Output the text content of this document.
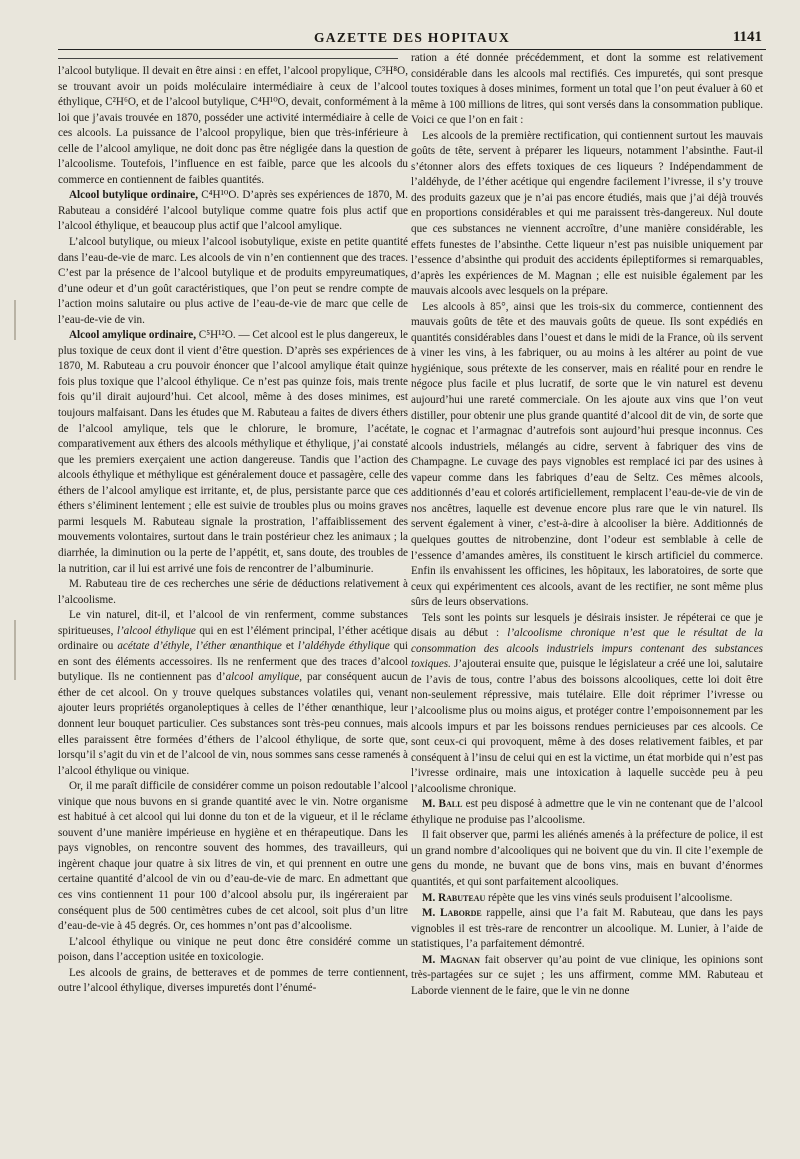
GAZETTE DES HOPITAUX	1141

l’alcool butylique. Il devait en être ainsi : en effet, l’alcool propylique, C³H⁸O, se trouvant avoir un poids moléculaire intermédiaire à ceux de l’alcool éthylique, C²H⁶O, et de l’alcool butylique, C⁴H¹⁰O, devait, conformément à la loi que j’avais trouvée en 1870, posséder une activité intermédiaire à celle de ces alcools. La puissance de l’alcool propylique, bien que très-inférieure à celle de l’alcool amylique, ne doit donc pas être négligée dans la question de l’alcoolisme. Toutefois, l’influence en est faible, parce que les alcools du commerce en contiennent de faibles quantités.

Alcool butylique ordinaire, C⁴H¹⁰O. D’après ses expériences de 1870, M. Rabuteau a considéré l’alcool butylique comme quatre fois plus actif que l’alcool éthylique, et beaucoup plus actif que l’alcool amylique.

L’alcool butylique, ou mieux l’alcool isobutylique, existe en petite quantité dans l’eau-de-vie de marc. Les alcools de vin n’en contiennent que des traces. C’est par la présence de l’alcool butylique et de produits empyreumatiques, d’une odeur et d’un goût caractéristiques, que l’on peut se rendre compte de l’action moins salutaire ou plus active de l’eau-de-vie de marc que celle de l’eau-de-vie de vin.

Alcool amylique ordinaire, C⁵H¹²O. — Cet alcool est le plus dangereux, le plus toxique de ceux dont il vient d’être question. D’après ses expériences de 1870, M. Rabuteau a cru pouvoir énoncer que l’alcool amylique était quinze fois plus toxique que l’alcool éthylique. Ce n’est pas quinze fois, mais trente fois qu’il dirait aujourd’hui. Cet alcool, même à des doses minimes, est toujours malfaisant. Dans les études que M. Rabuteau a faites de divers éthers de l’alcool amylique, tels que le chlorure, le bromure, l’acétate, comparativement aux éthers des alcools méthylique et éthylique, j’ai constaté que les premiers exerçaient une action dangereuse. Tandis que l’action des alcools éthylique et méthylique est généralement douce et passagère, celle des éthers de l’alcool amylique est irritante, et, de plus, persistante parce que ces éthers s’éliminent lentement ; elle est suivie de troubles plus ou moins graves parmi lesquels M. Rabuteau signale la prostration, l’affaiblissement des mouvements volontaires, surtout dans le train postérieur chez les animaux ; la diarrhée, la diminution ou la perte de l’appétit, et, sans doute, des troubles de la nutrition, car il lui est arrivé une fois de rencontrer de l’albuminurie.

M. Rabuteau tire de ces recherches une série de déductions relativement à l’alcoolisme.

Le vin naturel, dit-il, et l’alcool de vin renferment, comme substances spiritueuses, l’alcool éthylique qui en est l’élément principal, l’éther acétique ordinaire ou acétate d’éthyle, l’éther œnanthique et l’aldéhyde éthylique qui en sont des éléments accessoires. Ils ne renferment que des traces d’alcool butylique. Ils ne contiennent pas d’alcool amylique, par conséquent aucun éther de cet alcool. On y trouve quelques substances volatiles qui, venant ajouter leurs propriétés organoleptiques à celles de l’éther œnanthique, leur donnent leur bouquet particulier. Ces substances sont très-peu connues, mais elles paraissent être formées d’éthers de l’alcool éthylique, de sorte que, lorsqu’il s’agit du vin et de l’alcool de vin, nous sommes sans cesse ramenés à l’alcool éthylique ou vinique.

Or, il me paraît difficile de considérer comme un poison redoutable l’alcool vinique que nous buvons en si grande quantité avec le vin. Notre organisme est habitué à cet alcool qui lui donne du ton et de la vigueur, et il le réclame souvent d’une manière impérieuse en hygiène et en thérapeutique. Dans les pays vignobles, on rencontre souvent des hommes, des travailleurs, qui ingèrent chaque jour quatre à six litres de vin, et qui prennent en outre une certaine quantité d’alcool de vin ou d’eau-de-vie de marc. En admettant que ces vins contiennent 11 pour 100 d’alcool absolu pur, ils ingéreraient par conséquent plus de 500 centimètres cubes de cet alcool, soit plus d’un litre d’eau-de-vie à 45 degrés. Or, ces hommes n’ont pas d’alcoolisme.

L’alcool éthylique ou vinique ne peut donc être considéré comme un poison, dans l’acception usitée en toxicologie.

Les alcools de grains, de betteraves et de pommes de terre contiennent, outre l’alcool éthylique, diverses impuretés dont l’énumé-

ration a été donnée précédemment, et dont la somme est relativement considérable dans les alcools mal rectifiés. Ces impuretés, qui sont presque toutes toxiques à doses minimes, forment un total que l’on peut évaluer à 60 et même à 100 millions de litres, qui sont versés dans la consommation publique. Voici ce que l’on en fait :

Les alcools de la première rectification, qui contiennent surtout les mauvais goûts de tête, servent à préparer les liqueurs, notamment l’absinthe. Faut-il s’étonner alors des effets toxiques de ces liqueurs ? Indépendamment de l’aldéhyde, de l’éther acétique qui engendre facilement l’ivresse, il s’y trouve des produits gazeux que je n’ai pas encore étudiés, mais que j’ai déjà trouvés en proportions considérables et qui me paraissent très-dangereux. Nul doute que ces substances ne viennent accroître, d’une manière considérable, les effets funestes de l’absinthe. Cette liqueur n’est pas nuisible uniquement par l’essence d’absinthe qui produit des accidents épileptiformes si remarquables, d’après les expériences de M. Magnan ; elle est nuisible également par les mauvais alcools avec lesquels on la prépare.

Les alcools à 85°, ainsi que les trois-six du commerce, contiennent des mauvais goûts de tête et des mauvais goûts de queue. Ils sont expédiés en quantités considérables dans l’ouest et dans le midi de la France, où ils servent à viner les vins, à les fabriquer, ou au moins à les altérer au point de vue hygiénique, sous prétexte de les conserver, mais en réalité pour en rendre le négoce plus facile et plus lucratif, de sorte que le vin naturel est devenu aujourd’hui une rareté commerciale. On les ajoute aux vins que l’on veut distiller, pour obtenir une plus grande quantité d’alcool dit de vin, de sorte que le cognac et l’armagnac d’autrefois sont aujourd’hui presque inconnus. Ces alcools industriels, mélangés au cidre, servent à fabriquer des vins de Champagne. Le cuvage des pays vignobles est remplacé ici par des usines à vapeur comme dans les fabriques d’eau de Seltz. Ces mêmes alcools, additionnés d’eau et colorés artificiellement, remplacent l’eau-de-vie de vin de nos ancêtres, laquelle est devenue encore plus rare que le vin naturel. Ils servent également à viner, c’est-à-dire à alcooliser la bière. Additionnés de quelques gouttes de nitrobenzine, dont l’odeur est semblable à celle de l’essence d’amandes amères, ils constituent le kirsch artificiel du commerce. Enfin ils envahissent les officines, les hôpitaux, les laboratoires, de sorte que ceux qui expérimentent ces alcools, avant de les rectifier, ne sont même plus sûrs de leurs observations.

Tels sont les points sur lesquels je désirais insister. Je répéterai ce que je disais au début : l’alcoolisme chronique n’est que le résultat de la consommation des alcools industriels impurs contenant des substances toxiques. J’ajouterai ensuite que, puisque le législateur a créé une loi, salutaire de l’avis de tous, contre l’abus des boissons alcooliques, cette loi doit être non-seulement répressive, mais tutélaire. Elle doit réprimer l’ivresse ou l’alcoolisme plus ou moins aigus, et protéger contre l’empoisonnement par les alcools impurs et par les boissons rendues pernicieuses par ces alcools. Ce sont ceux-ci qui provoquent, même à des doses relativement faibles, et par conséquent à l’insu de celui qui en est la victime, un état morbide qui n’est pas l’ivresse ordinaire, mais une intoxication à laquelle succède peu à peu l’alcoolisme chronique.

M. Ball est peu disposé à admettre que le vin ne contenant que de l’alcool éthylique ne produise pas l’alcoolisme.

Il fait observer que, parmi les aliénés amenés à la préfecture de police, il est un grand nombre d’alcooliques qui ne boivent que du vin. Il cite l’exemple de gens du monde, ne buvant que de bons vins, mais en buvant d’énormes quantités, et qui sont parfaitement alcooliques.

M. Rabuteau répète que les vins vinés seuls produisent l’alcoolisme.

M. Laborde rappelle, ainsi que l’a fait M. Rabuteau, que dans les pays vignobles il est très-rare de rencontrer un alcoolique. M. Lunier, à l’aide de statistiques, l’a parfaitement démontré.

M. Magnan fait observer qu’au point de vue clinique, les opinions sont très-partagées sur ce sujet ; les uns affirment, comme MM. Rabuteau et Laborde viennent de le faire, que le vin ne donne
